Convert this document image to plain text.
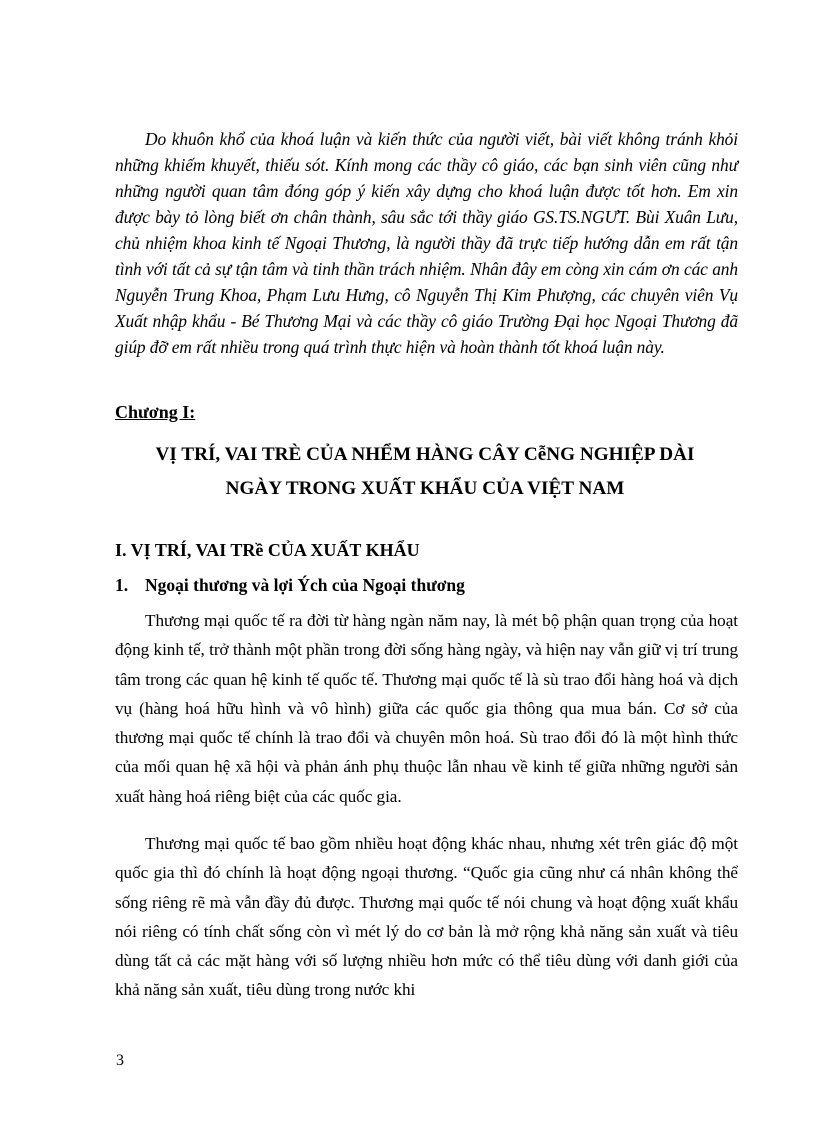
Do khuôn khổ của khoá luận và kiến thức của người viết, bài viết không tránh khỏi những khiếm khuyết, thiếu sót. Kính mong các thầy cô giáo, các bạn sinh viên cũng như những người quan tâm đóng góp ý kiến xây dựng cho khoá luận được tốt hơn. Em xin được bày tỏ lòng biết ơn chân thành, sâu sắc tới thầy giáo GS.TS.NGƯT. Bùi Xuân Lưu, chủ nhiệm khoa kinh tế Ngoại Thương, là người thầy đã trực tiếp hướng dẫn em rất tận tình với tất cả sự tận tâm và tinh thần trách nhiệm. Nhân đây em còng xin cám ơn các anh Nguyễn Trung Khoa, Phạm Lưu Hưng, cô Nguyễn Thị Kim Phượng, các chuyên viên Vụ Xuất nhập khẩu - Bé Thương Mại và các thầy cô giáo Trường Đại học Ngoại Thương đã giúp đỡ em rất nhiều trong quá trình thực hiện và hoàn thành tốt khoá luận này.

Chương I:

VỊ TRÍ, VAI TRÈ CỦA NHỂM HÀNG CÂY CễNG NGHIỆP DÀI
NGÀY TRONG XUẤT KHẨU CỦA VIỆT NAM
I. VỊ TRÍ, VAI TRề CỦA XUẤT KHẨU
1. Ngoại thương và lợi Ých của Ngoại thương

Thương mại quốc tế ra đời từ hàng ngàn năm nay, là mét bộ phận quan trọng của hoạt động kinh tế, trở thành một phần trong đời sống hàng ngày, và hiện nay vẫn giữ vị trí trung tâm trong các quan hệ kinh tế quốc tế. Thương mại quốc tế là sù trao đổi hàng hoá và dịch vụ (hàng hoá hữu hình và vô hình) giữa các quốc gia thông qua mua bán. Cơ sở của thương mại quốc tế chính là trao đổi và chuyên môn hoá. Sù trao đổi đó là một hình thức của mối quan hệ xã hội và phản ánh phụ thuộc lẫn nhau về kinh tế giữa những người sản xuất hàng hoá riêng biệt của các quốc gia.

Thương mại quốc tế bao gồm nhiều hoạt động khác nhau, nhưng xét trên giác độ một quốc gia thì đó chính là hoạt động ngoại thương. “Quốc gia cũng như cá nhân không thể sống riêng rẽ mà vẫn đầy đủ được. Thương mại quốc tế nói chung và hoạt động xuất khẩu nói riêng có tính chất sống còn vì mét lý do cơ bản là mở rộng khả năng sản xuất và tiêu dùng tất cả các mặt hàng với số lượng nhiều hơn mức có thể tiêu dùng với danh giới của khả năng sản xuất, tiêu dùng trong nước khi

3
